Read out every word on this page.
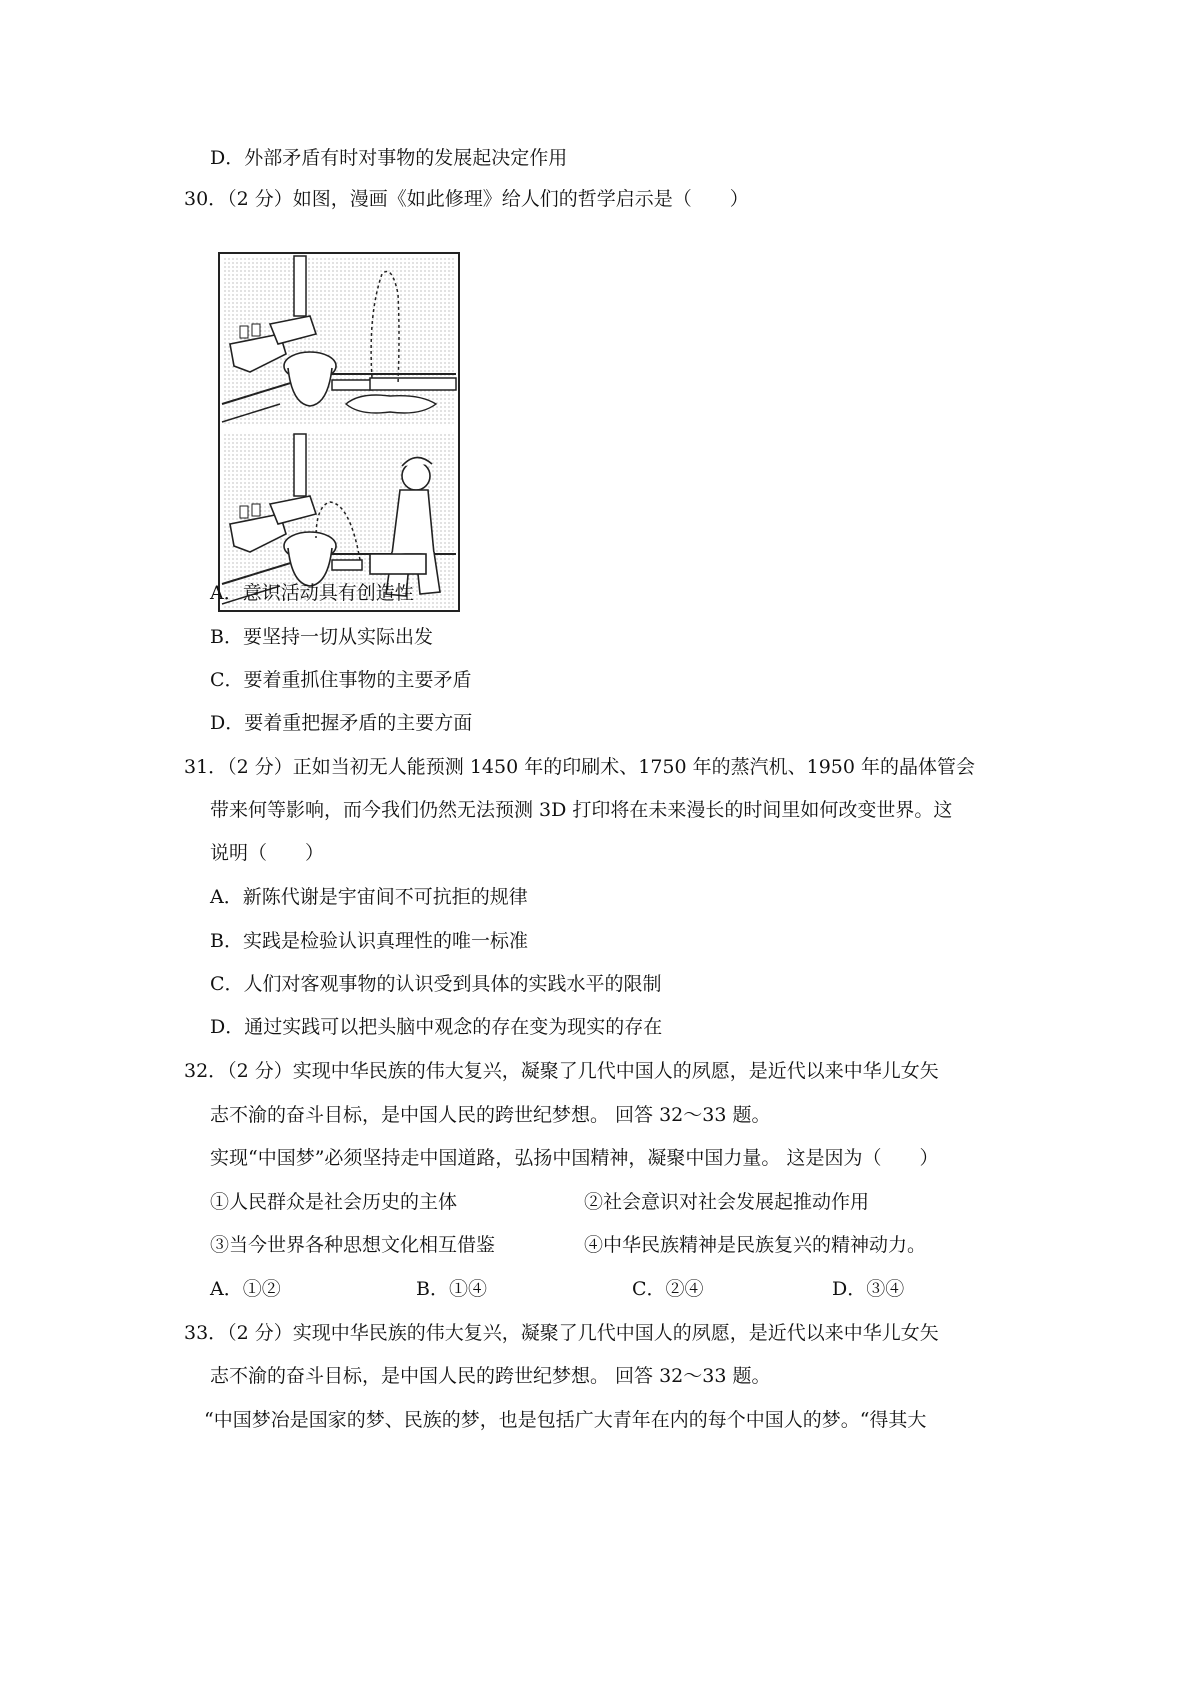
D．外部矛盾有时对事物的发展起决定作用
30．（2 分）如图，漫画《如此修理》给人们的哲学启示是（　　）
A．意识活动具有创造性
B．要坚持一切从实际出发
C．要着重抓住事物的主要矛盾
D．要着重把握矛盾的主要方面
31．（2 分）正如当初无人能预测 1450 年的印刷术、1750 年的蒸汽机、1950 年的晶体管会
带来何等影响，而今我们仍然无法预测 3D 打印将在未来漫长的时间里如何改变世界。这
说明（　　）
A．新陈代谢是宇宙间不可抗拒的规律
B．实践是检验认识真理性的唯一标准
C．人们对客观事物的认识受到具体的实践水平的限制
D．通过实践可以把头脑中观念的存在变为现实的存在
32．（2 分）实现中华民族的伟大复兴，凝聚了几代中国人的夙愿，是近代以来中华儿女矢
志不渝的奋斗目标，是中国人民的跨世纪梦想。 回答 32～33 题。
实现“中国梦”必须坚持走中国道路，弘扬中国精神，凝聚中国力量。 这是因为（　　）
①人民群众是社会历史的主体	②社会意识对社会发展起推动作用
③当今世界各种思想文化相互借鉴	④中华民族精神是民族复兴的精神动力。
A．①②	B．①④	C．②④	D．③④
33．（2 分）实现中华民族的伟大复兴，凝聚了几代中国人的夙愿，是近代以来中华儿女矢
志不渝的奋斗目标，是中国人民的跨世纪梦想。 回答 32～33 题。
“中国梦冶是国家的梦、民族的梦，也是包括广大青年在内的每个中国人的梦。“得其大
